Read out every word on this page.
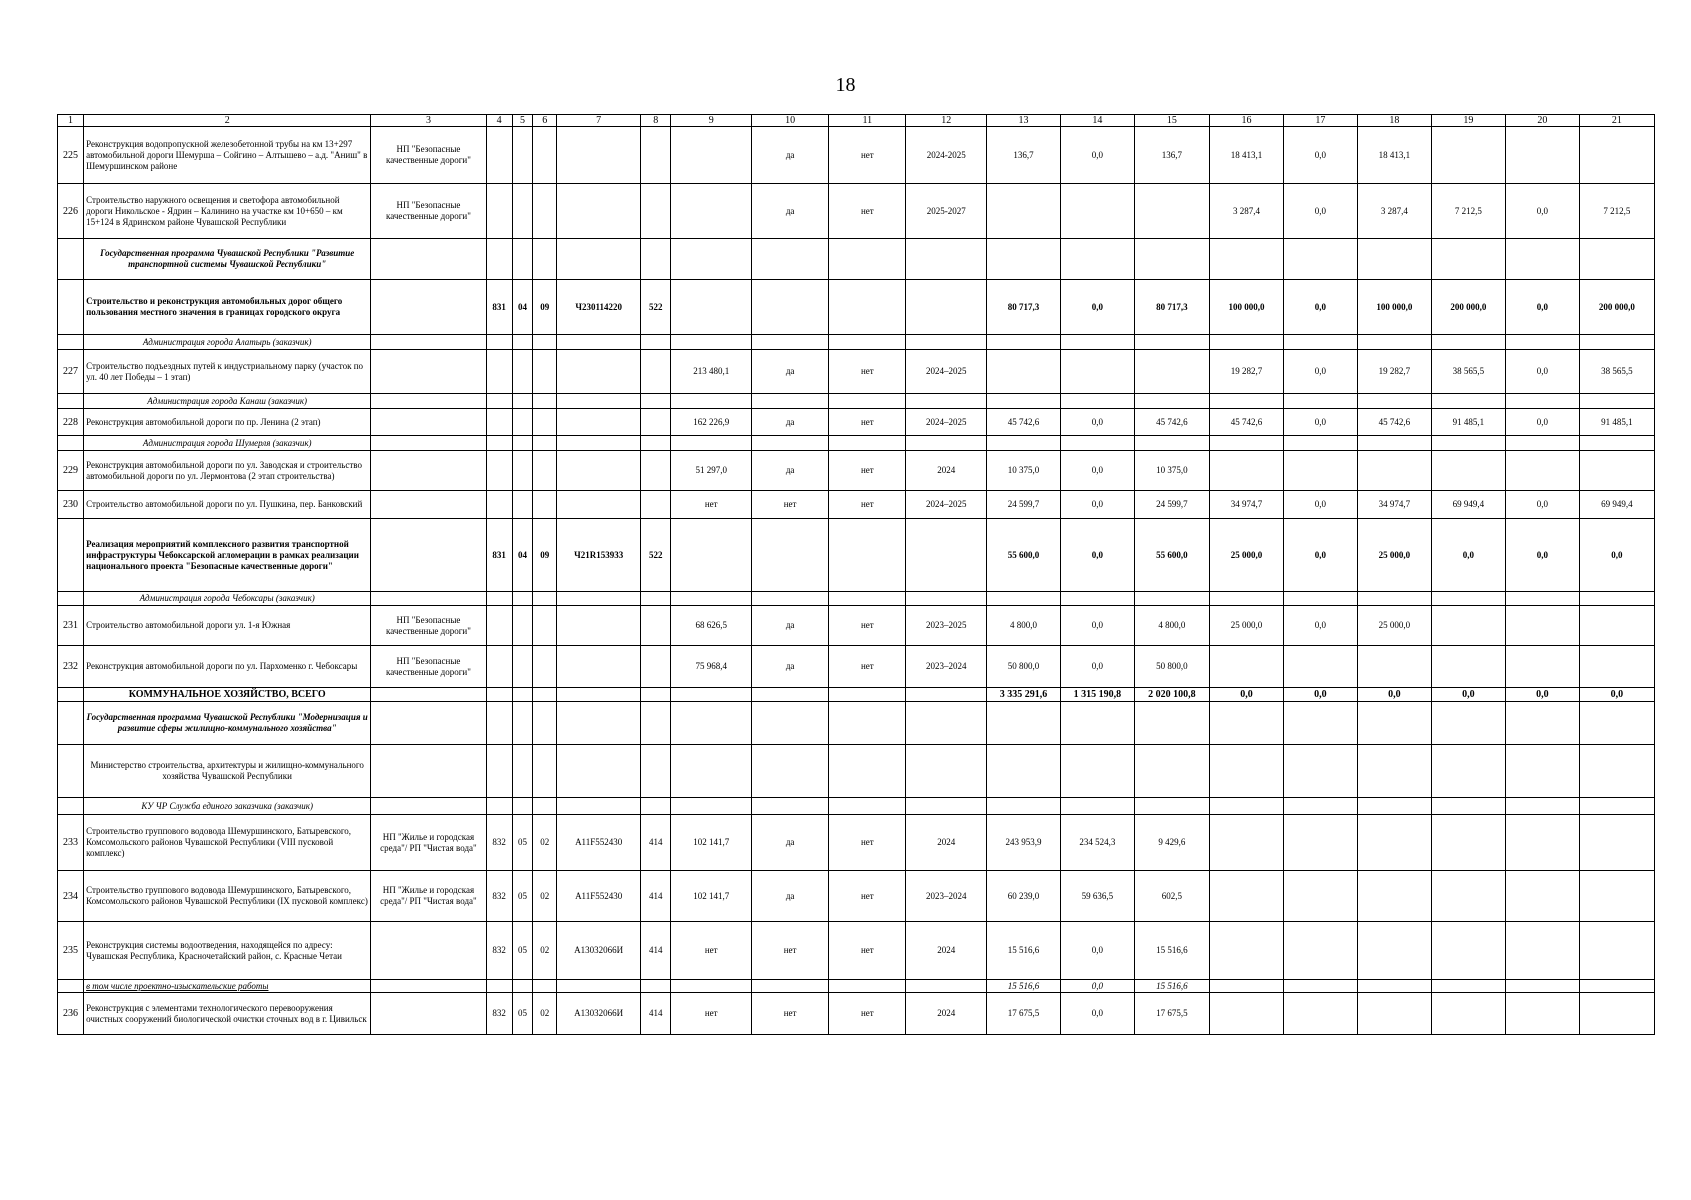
18
1	2	3	4	5	6	7	8	9	10	11	12	13	14	15	16	17	18	19	20	21
225	Реконструкция водопропускной железобетонной трубы на км 13+297 автомобильной дороги Шемурша – Сойгино – Алтышево – а.д. "Аниш" в Шемуршинском районе	НП "Безопасные качественные дороги"							да	нет	2024-2025	136,7	0,0	136,7	18 413,1	0,0	18 413,1			
226	Строительство наружного освещения и светофора автомобильной дороги Никольское - Ядрин – Калинино на участке км 10+650 – км 15+124 в Ядринском районе Чувашской Республики	НП "Безопасные качественные дороги"							да	нет	2025-2027				3 287,4	0,0	3 287,4	7 212,5	0,0	7 212,5
	Государственная программа Чувашской Республики "Развитие транспортной системы Чувашской Республики"																			
	Строительство и реконструкция автомобильных дорог общего пользования местного значения в границах городского округа		831	04	09	Ч230114220	522					80 717,3	0,0	80 717,3	100 000,0	0,0	100 000,0	200 000,0	0,0	200 000,0
	Администрация города Алатырь (заказчик)																			
227	Строительство подъездных путей к индустриальному парку (участок по ул. 40 лет Победы – 1 этап)							213 480,1	да	нет	2024–2025				19 282,7	0,0	19 282,7	38 565,5	0,0	38 565,5
	Администрация города Канаш (заказчик)																			
228	Реконструкция автомобильной дороги по пр. Ленина (2 этап)							162 226,9	да	нет	2024–2025	45 742,6	0,0	45 742,6	45 742,6	0,0	45 742,6	91 485,1	0,0	91 485,1
	Администрация города Шумерля (заказчик)																			
229	Реконструкция автомобильной дороги по ул. Заводская и строительство автомобильной дороги по ул. Лермонтова (2 этап строительства)							51 297,0	да	нет	2024	10 375,0	0,0	10 375,0						
230	Строительство автомобильной дороги по ул. Пушкина, пер. Банковский							нет	нет	нет	2024–2025	24 599,7	0,0	24 599,7	34 974,7	0,0	34 974,7	69 949,4	0,0	69 949,4
	Реализация мероприятий комплексного развития транспортной инфраструктуры Чебоксарской агломерации в рамках реализации национального проекта "Безопасные качественные дороги"		831	04	09	Ч21R153933	522					55 600,0	0,0	55 600,0	25 000,0	0,0	25 000,0	0,0	0,0	0,0
	Администрация города Чебоксары (заказчик)																			
231	Строительство автомобильной дороги ул. 1-я Южная	НП "Безопасные качественные дороги"						68 626,5	да	нет	2023–2025	4 800,0	0,0	4 800,0	25 000,0	0,0	25 000,0			
232	Реконструкция автомобильной дороги по ул. Пархоменко г. Чебоксары	НП "Безопасные качественные дороги"						75 968,4	да	нет	2023–2024	50 800,0	0,0	50 800,0						
	КОММУНАЛЬНОЕ ХОЗЯЙСТВО, ВСЕГО											3 335 291,6	1 315 190,8	2 020 100,8	0,0	0,0	0,0	0,0	0,0	0,0
	Государственная программа Чувашской Республики "Модернизация и развитие сферы жилищно-коммунального хозяйства"																			
	Министерство строительства, архитектуры и жилищно-коммунального хозяйства Чувашской Республики																			
	КУ ЧР Служба единого заказчика (заказчик)																			
233	Строительство группового водовода Шемуршинского, Батыревского, Комсомольского районов Чувашской Республики (VIII пусковой комплекс)	НП "Жилье и городская среда"/ РП "Чистая вода"	832	05	02	A11F552430	414	102 141,7	да	нет	2024	243 953,9	234 524,3	9 429,6						
234	Строительство группового водовода Шемуршинского, Батыревского, Комсомольского районов Чувашской Республики (IX пусковой комплекс)	НП "Жилье и городская среда"/ РП "Чистая вода"	832	05	02	A11F552430	414	102 141,7	да	нет	2023–2024	60 239,0	59 636,5	602,5						
235	Реконструкция системы водоотведения, находящейся по адресу: Чувашская Республика, Красночетайский район, с. Красные Четаи		832	05	02	A13032066И	414	нет	нет	нет	2024	15 516,6	0,0	15 516,6						
	в том числе проектно-изыскательские работы											15 516,6	0,0	15 516,6						
236	Реконструкция с элементами технологического перевооружения очистных сооружений биологической очистки сточных вод в г. Цивильск		832	05	02	A13032066И	414	нет	нет	нет	2024	17 675,5	0,0	17 675,5						
